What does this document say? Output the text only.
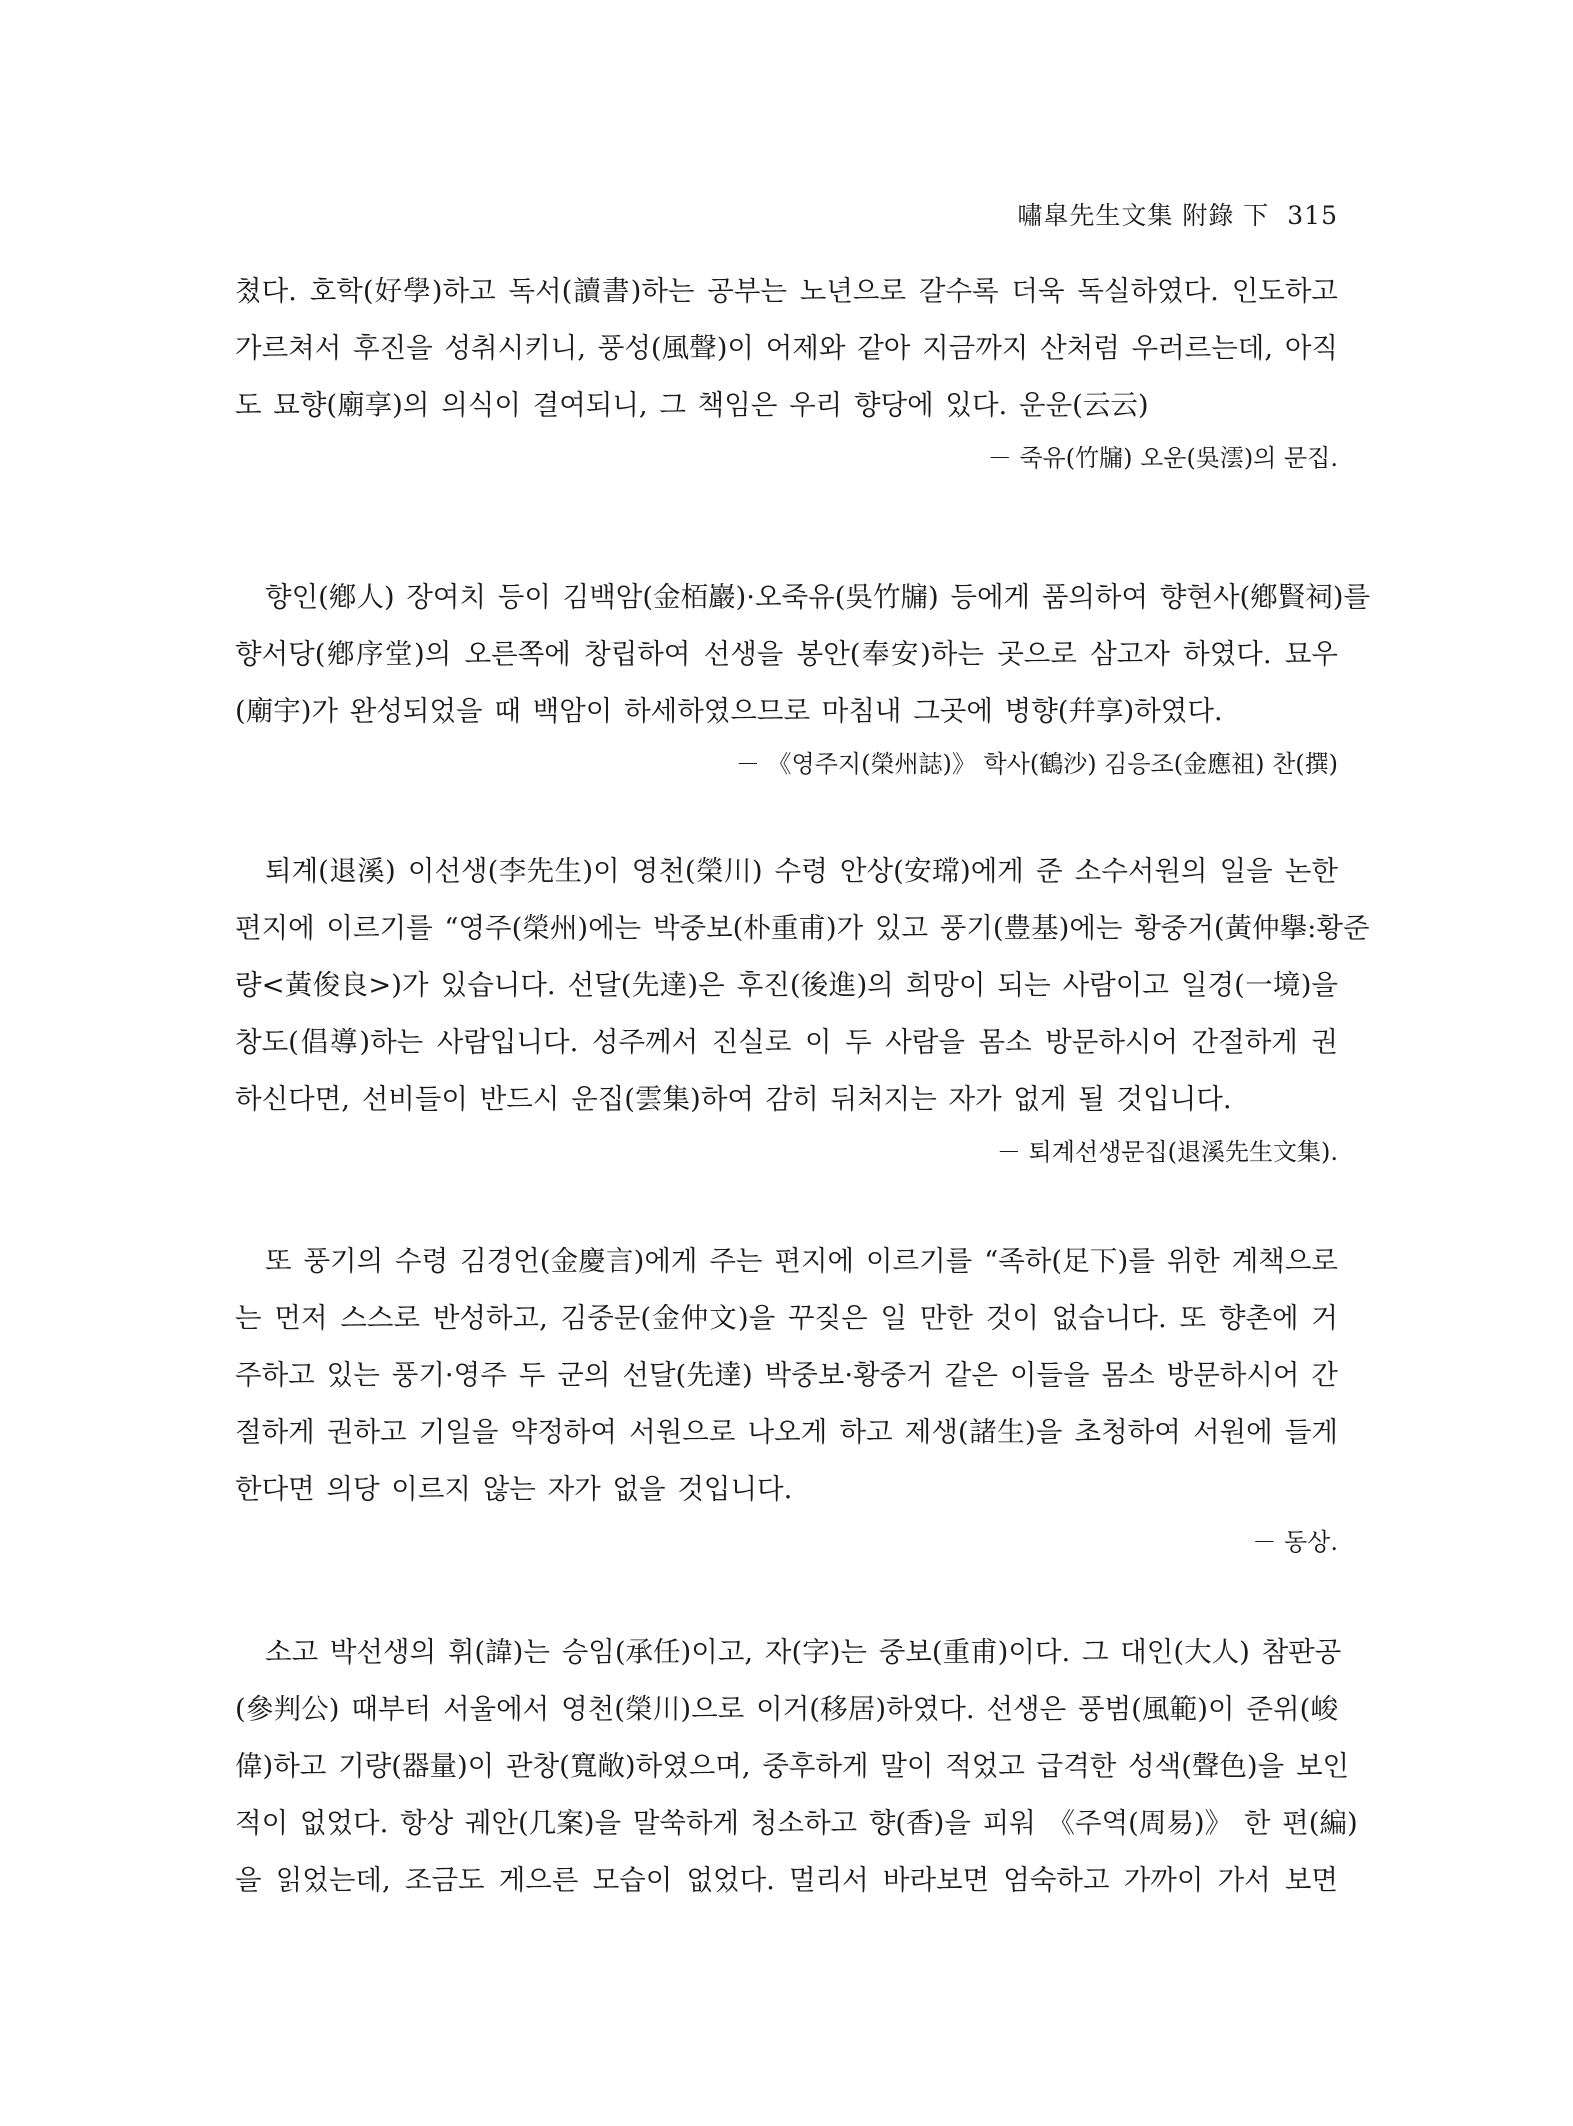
嘯皐先生文集 附錄 下 315

쳤다. 호학(好學)하고 독서(讀書)하는 공부는 노년으로 갈수록 더욱 독실하였다. 인도하고
가르쳐서 후진을 성취시키니, 풍성(風聲)이 어제와 같아 지금까지 산처럼 우러르는데, 아직
도 묘향(廟享)의 의식이 결여되니, 그 책임은 우리 향당에 있다. 운운(云云)

－ 죽유(竹牖) 오운(吳澐)의 문집.

향인(鄕人) 장여치 등이 김백암(金栢巖)·오죽유(吳竹牖) 등에게 품의하여 향현사(鄕賢祠)를
향서당(鄕序堂)의 오른쪽에 창립하여 선생을 봉안(奉安)하는 곳으로 삼고자 하였다. 묘우
(廟宇)가 완성되었을 때 백암이 하세하였으므로 마침내 그곳에 병향(幷享)하였다.

－ 《영주지(榮州誌)》 학사(鶴沙) 김응조(金應祖) 찬(撰)

퇴계(退溪) 이선생(李先生)이 영천(榮川) 수령 안상(安瑺)에게 준 소수서원의 일을 논한
편지에 이르기를 “영주(榮州)에는 박중보(朴重甫)가 있고 풍기(豊基)에는 황중거(黃仲擧:황준
량<黃俊良>)가 있습니다. 선달(先達)은 후진(後進)의 희망이 되는 사람이고 일경(一境)을
창도(倡導)하는 사람입니다. 성주께서 진실로 이 두 사람을 몸소 방문하시어 간절하게 권
하신다면, 선비들이 반드시 운집(雲集)하여 감히 뒤처지는 자가 없게 될 것입니다.

－ 퇴계선생문집(退溪先生文集).

또 풍기의 수령 김경언(金慶言)에게 주는 편지에 이르기를 “족하(足下)를 위한 계책으로
는 먼저 스스로 반성하고, 김중문(金仲文)을 꾸짖은 일 만한 것이 없습니다. 또 향촌에 거
주하고 있는 풍기·영주 두 군의 선달(先達) 박중보·황중거 같은 이들을 몸소 방문하시어 간
절하게 권하고 기일을 약정하여 서원으로 나오게 하고 제생(諸生)을 초청하여 서원에 들게
한다면 의당 이르지 않는 자가 없을 것입니다.

－ 동상.

소고 박선생의 휘(諱)는 승임(承任)이고, 자(字)는 중보(重甫)이다. 그 대인(大人) 참판공
(參判公) 때부터 서울에서 영천(榮川)으로 이거(移居)하였다. 선생은 풍범(風範)이 준위(峻
偉)하고 기량(器量)이 관창(寬敞)하였으며, 중후하게 말이 적었고 급격한 성색(聲色)을 보인
적이 없었다. 항상 궤안(几案)을 말쑥하게 청소하고 향(香)을 피워 《주역(周易)》 한 편(編)
을 읽었는데, 조금도 게으른 모습이 없었다. 멀리서 바라보면 엄숙하고 가까이 가서 보면
